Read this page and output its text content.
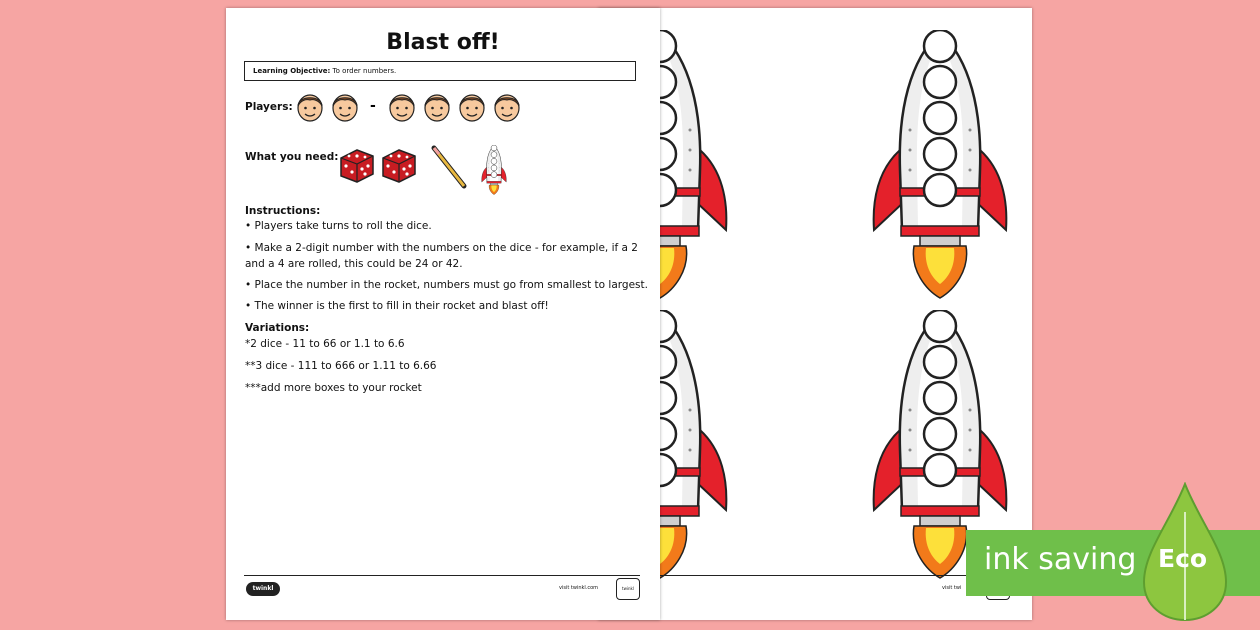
visit twi
Blast off!
Learning Objective: To order numbers.
Players:	-
What you need:
Instructions:
• Players take turns to roll the dice.
• Make a 2-digit number with the numbers on the dice - for example, if a 2
and a 4 are rolled, this could be 24 or 42.
• Place the number in the rocket, numbers must go from smallest to largest.
• The winner is the first to fill in their rocket and blast off!
Variations:
*2 dice - 11 to 66 or 1.1 to 6.6
**3 dice - 111 to 666 or 1.11 to 6.66
***add more boxes to your rocket
twinkl	visit twinkl.com	twinkl
ink saving Eco
